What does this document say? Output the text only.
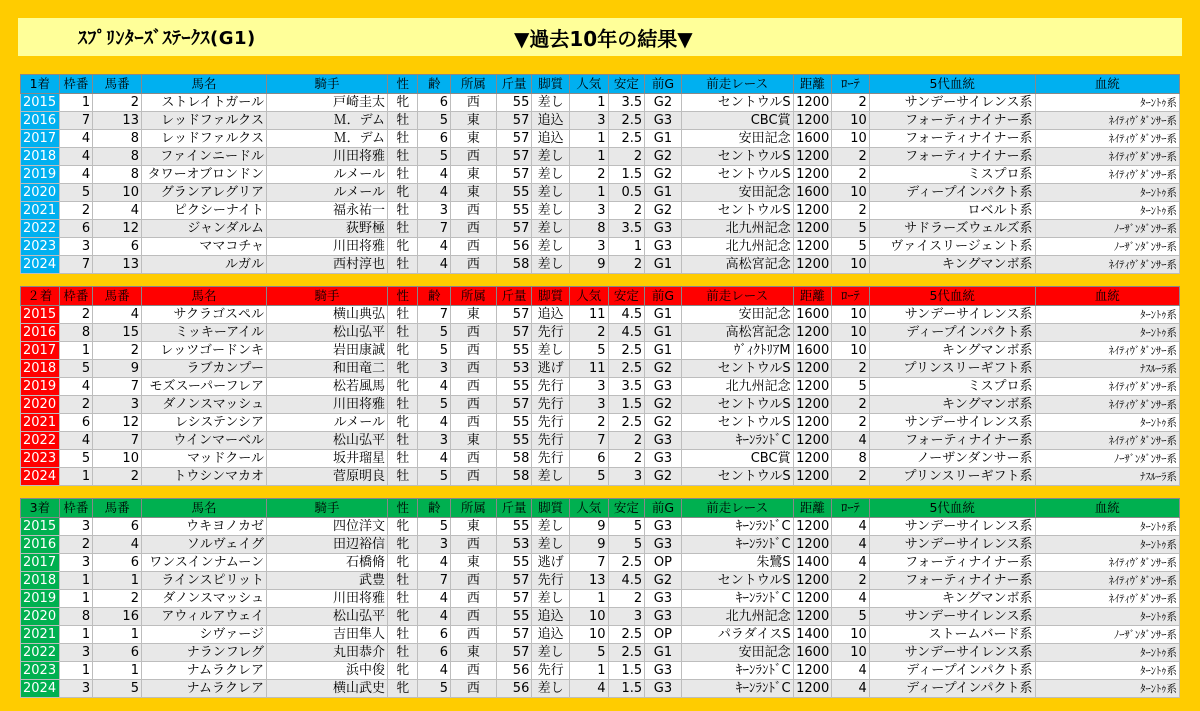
ｽﾌﾟﾘﾝﾀｰｽﾞｽﾃｰｸｽ(G1)	▼過去10年の結果▼
1着	枠番	馬番	馬名	騎手	性	齢	所属	斤量	脚質	人気	安定	前G	前走レース	距離	ﾛｰﾃ	5代血統	血統
2015	1	2	ストレイトガール	戸崎圭太	牝	6	西	55	差し	1	3.5	G2	セントウルS	1200	2	サンデーサイレンス系	ﾀｰﾝﾄｩ系
2016	7	13	レッドファルクス	Ｍ．デム	牡	5	東	57	追込	3	2.5	G3	CBC賞	1200	10	フォーティナイナー系	ﾈｲﾃｨｳﾞﾀﾞﾝｻｰ系
2017	4	8	レッドファルクス	Ｍ．デム	牡	6	東	57	追込	1	2.5	G1	安田記念	1600	10	フォーティナイナー系	ﾈｲﾃｨｳﾞﾀﾞﾝｻｰ系
2018	4	8	ファインニードル	川田将雅	牡	5	西	57	差し	1	2	G2	セントウルS	1200	2	フォーティナイナー系	ﾈｲﾃｨｳﾞﾀﾞﾝｻｰ系
2019	4	8	タワーオブロンドン	ルメール	牡	4	東	57	差し	2	1.5	G2	セントウルS	1200	2	ミスプロ系	ﾈｲﾃｨｳﾞﾀﾞﾝｻｰ系
2020	5	10	グランアレグリア	ルメール	牝	4	東	55	差し	1	0.5	G1	安田記念	1600	10	ディープインパクト系	ﾀｰﾝﾄｩ系
2021	2	4	ピクシーナイト	福永祐一	牡	3	西	55	差し	3	2	G2	セントウルS	1200	2	ロベルト系	ﾀｰﾝﾄｩ系
2022	6	12	ジャンダルム	荻野極	牡	7	西	57	差し	8	3.5	G3	北九州記念	1200	5	サドラーズウェルズ系	ﾉｰｻﾞﾝﾀﾞﾝｻｰ系
2023	3	6	ママコチャ	川田将雅	牝	4	西	56	差し	3	1	G3	北九州記念	1200	5	ヴァイスリージェント系	ﾉｰｻﾞﾝﾀﾞﾝｻｰ系
2024	7	13	ルガル	西村淳也	牡	4	西	58	差し	9	2	G1	高松宮記念	1200	10	キングマンボ系	ﾈｲﾃｨｳﾞﾀﾞﾝｻｰ系
２着	枠番	馬番	馬名	騎手	性	齢	所属	斤量	脚質	人気	安定	前G	前走レース	距離	ﾛｰﾃ	5代血統	血統
2015	2	4	サクラゴスペル	横山典弘	牡	7	東	57	追込	11	4.5	G1	安田記念	1600	10	サンデーサイレンス系	ﾀｰﾝﾄｩ系
2016	8	15	ミッキーアイル	松山弘平	牡	5	西	57	先行	2	4.5	G1	高松宮記念	1200	10	ディープインパクト系	ﾀｰﾝﾄｩ系
2017	1	2	レッツゴードンキ	岩田康誠	牝	5	西	55	差し	5	2.5	G1	ｳﾞｨｸﾄﾘｱM	1600	10	キングマンボ系	ﾈｲﾃｨｳﾞﾀﾞﾝｻｰ系
2018	5	9	ラブカンプー	和田竜二	牝	3	西	53	逃げ	11	2.5	G2	セントウルS	1200	2	プリンスリーギフト系	ﾅｽﾙｰﾗ系
2019	4	7	モズスーパーフレア	松若風馬	牝	4	西	55	先行	3	3.5	G3	北九州記念	1200	5	ミスプロ系	ﾈｲﾃｨｳﾞﾀﾞﾝｻｰ系
2020	2	3	ダノンスマッシュ	川田将雅	牡	5	西	57	先行	3	1.5	G2	セントウルS	1200	2	キングマンボ系	ﾈｲﾃｨｳﾞﾀﾞﾝｻｰ系
2021	6	12	レシステンシア	ルメール	牝	4	西	55	先行	2	2.5	G2	セントウルS	1200	2	サンデーサイレンス系	ﾀｰﾝﾄｩ系
2022	4	7	ウインマーベル	松山弘平	牡	3	東	55	先行	7	2	G3	ｷｰﾝﾗﾝﾄﾞC	1200	4	フォーティナイナー系	ﾈｲﾃｨｳﾞﾀﾞﾝｻｰ系
2023	5	10	マッドクール	坂井瑠星	牡	4	西	58	先行	6	2	G3	CBC賞	1200	8	ノーザンダンサー系	ﾉｰｻﾞﾝﾀﾞﾝｻｰ系
2024	1	2	トウシンマカオ	菅原明良	牡	5	西	58	差し	5	3	G2	セントウルS	1200	2	プリンスリーギフト系	ﾅｽﾙｰﾗ系
3着	枠番	馬番	馬名	騎手	性	齢	所属	斤量	脚質	人気	安定	前G	前走レース	距離	ﾛｰﾃ	5代血統	血統
2015	3	6	ウキヨノカゼ	四位洋文	牝	5	東	55	差し	9	5	G3	ｷｰﾝﾗﾝﾄﾞC	1200	4	サンデーサイレンス系	ﾀｰﾝﾄｩ系
2016	2	4	ソルヴェイグ	田辺裕信	牝	3	西	53	差し	9	5	G3	ｷｰﾝﾗﾝﾄﾞC	1200	4	サンデーサイレンス系	ﾀｰﾝﾄｩ系
2017	3	6	ワンスインナムーン	石橋脩	牝	4	東	55	逃げ	7	2.5	OP	朱鷺S	1400	4	フォーティナイナー系	ﾈｲﾃｨｳﾞﾀﾞﾝｻｰ系
2018	1	1	ラインスピリット	武豊	牡	7	西	57	先行	13	4.5	G2	セントウルS	1200	2	フォーティナイナー系	ﾈｲﾃｨｳﾞﾀﾞﾝｻｰ系
2019	1	2	ダノンスマッシュ	川田将雅	牡	4	西	57	差し	1	2	G3	ｷｰﾝﾗﾝﾄﾞC	1200	4	キングマンボ系	ﾈｲﾃｨｳﾞﾀﾞﾝｻｰ系
2020	8	16	アウィルアウェイ	松山弘平	牝	4	西	55	追込	10	3	G3	北九州記念	1200	5	サンデーサイレンス系	ﾀｰﾝﾄｩ系
2021	1	1	シヴァージ	吉田隼人	牡	6	西	57	追込	10	2.5	OP	パラダイスS	1400	10	ストームバード系	ﾉｰｻﾞﾝﾀﾞﾝｻｰ系
2022	3	6	ナランフレグ	丸田恭介	牡	6	東	57	差し	5	2.5	G1	安田記念	1600	10	サンデーサイレンス系	ﾀｰﾝﾄｩ系
2023	1	1	ナムラクレア	浜中俊	牝	4	西	56	先行	1	1.5	G3	ｷｰﾝﾗﾝﾄﾞC	1200	4	ディープインパクト系	ﾀｰﾝﾄｩ系
2024	3	5	ナムラクレア	横山武史	牝	5	西	56	差し	4	1.5	G3	ｷｰﾝﾗﾝﾄﾞC	1200	4	ディープインパクト系	ﾀｰﾝﾄｩ系
